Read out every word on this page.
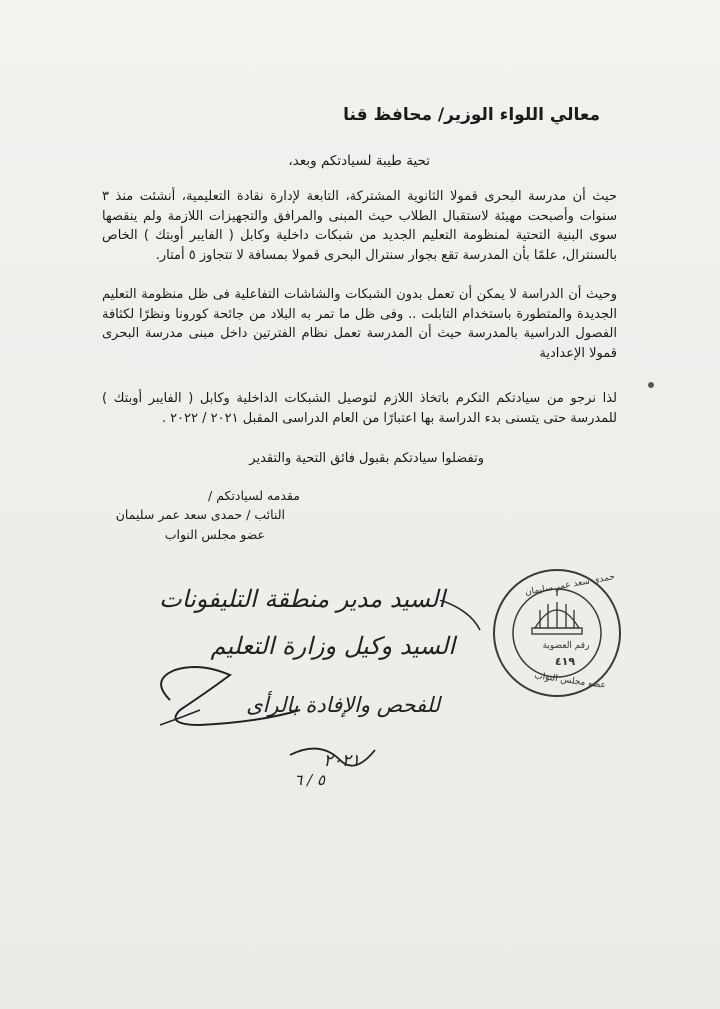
معالي اللواء الوزير/ محافظ قنا
تحية طيبة لسيادتكم وبعد،
حيث أن مدرسة البحرى قمولا الثانوية المشتركة، التابعة لإدارة نقادة التعليمية، أنشئت منذ ٣ سنوات وأصبحت مهيئة لاستقبال الطلاب حيث المبنى والمرافق والتجهيزات اللازمة ولم ينقصها سوى البنية التحتية لمنظومة التعليم الجديد من شبكات داخلية وكابل ( الفايبر أوبتك ) الخاص بالسنترال، علمًا بأن المدرسة تقع بجوار سنترال البحرى قمولا بمسافة لا تتجاوز ٥ أمتار.
وحيث أن الدراسة لا يمكن أن تعمل بدون الشبكات والشاشات التفاعلية فى ظل منظومة التعليم الجديدة والمتطورة باستخدام التابلت .. وفى ظل ما تمر به البلاد من جائحة كورونا ونظرًا لكثافة الفصول الدراسية بالمدرسة حيث أن المدرسة تعمل نظام الفترتين داخل مبنى مدرسة البحرى قمولا الإعدادية
لذا نرجو من سيادتكم التكرم باتخاذ اللازم لتوصيل الشبكات الداخلية وكابل ( الفايبر أوبتك ) للمدرسة حتى يتسنى بدء الدراسة بها اعتبارًا من العام الدراسى المقبل ٢٠٢١ / ٢٠٢٢ .
وتفضلوا سيادتكم بقبول فائق التحية والتقدير
مقدمه لسيادتكم /
النائب / حمدى سعد عمر سليمان
عضو مجلس النواب
حمدى سعد عمر سليمان
رقم العضوية
٤١٩
عضو مجلس النواب
السيد مدير منطقة التليفونات
السيد وكيل وزارة التعليم
للفحص والإفادة بالرأى
٢٠٢١
٥ / ٦
